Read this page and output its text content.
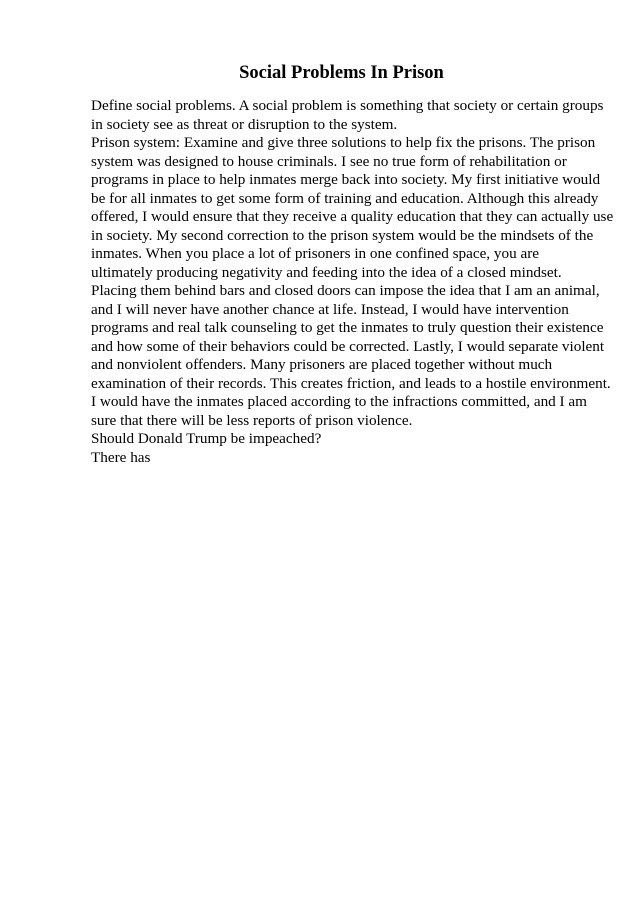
Social Problems In Prison
Define social problems. A social problem is something that society or certain groups
in society see as threat or disruption to the system.
Prison system: Examine and give three solutions to help fix the prisons. The prison
system was designed to house criminals. I see no true form of rehabilitation or
programs in place to help inmates merge back into society. My first initiative would
be for all inmates to get some form of training and education. Although this already
offered, I would ensure that they receive a quality education that they can actually use
in society. My second correction to the prison system would be the mindsets of the
inmates. When you place a lot of prisoners in one confined space, you are
ultimately producing negativity and feeding into the idea of a closed mindset.
Placing them behind bars and closed doors can impose the idea that I am an animal,
and I will never have another chance at life. Instead, I would have intervention
programs and real talk counseling to get the inmates to truly question their existence
and how some of their behaviors could be corrected. Lastly, I would separate violent
and nonviolent offenders. Many prisoners are placed together without much
examination of their records. This creates friction, and leads to a hostile environment.
I would have the inmates placed according to the infractions committed, and I am
sure that there will be less reports of prison violence.
Should Donald Trump be impeached?
There has
